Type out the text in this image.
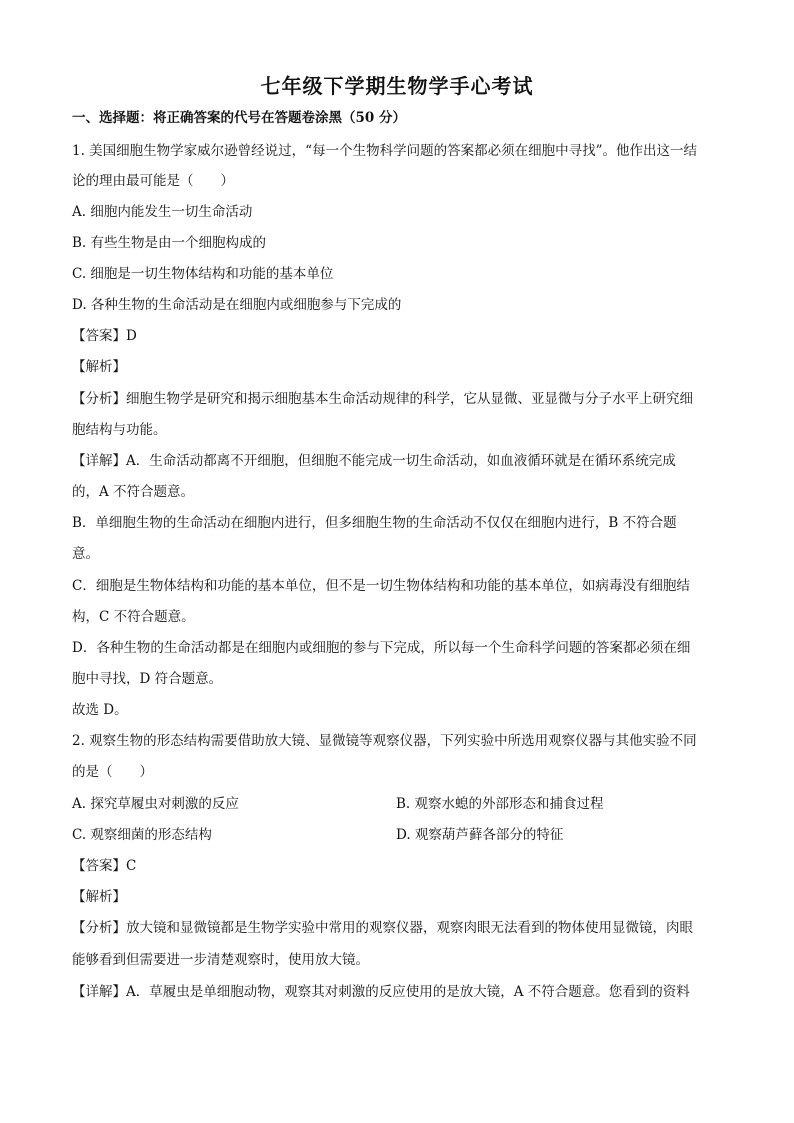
七年级下学期生物学手心考试
一、选择题：将正确答案的代号在答题卷涂黑（50 分）
1. 美国细胞生物学家威尔逊曾经说过，“每一个生物科学问题的答案都必须在细胞中寻找”。他作出这一结
论的理由最可能是（　　）
A. 细胞内能发生一切生命活动
B. 有些生物是由一个细胞构成的
C. 细胞是一切生物体结构和功能的基本单位
D. 各种生物的生命活动是在细胞内或细胞参与下完成的
【答案】D
【解析】
【分析】细胞生物学是研究和揭示细胞基本生命活动规律的科学，它从显微、亚显微与分子水平上研究细
胞结构与功能。
【详解】A．生命活动都离不开细胞，但细胞不能完成一切生命活动，如血液循环就是在循环系统完成
的，A 不符合题意。
B．单细胞生物的生命活动在细胞内进行，但多细胞生物的生命活动不仅仅在细胞内进行，B 不符合题
意。
C．细胞是生物体结构和功能的基本单位，但不是一切生物体结构和功能的基本单位，如病毒没有细胞结
构，C 不符合题意。
D．各种生物的生命活动都是在细胞内或细胞的参与下完成，所以每一个生命科学问题的答案都必须在细
胞中寻找，D 符合题意。
故选 D。
2. 观察生物的形态结构需要借助放大镜、显微镜等观察仪器，下列实验中所选用观察仪器与其他实验不同
的是（　　）
A. 探究草履虫对刺激的反应	B. 观察水螅的外部形态和捕食过程
C. 观察细菌的形态结构	D. 观察葫芦藓各部分的特征
【答案】C
【解析】
【分析】放大镜和显微镜都是生物学实验中常用的观察仪器，观察肉眼无法看到的物体使用显微镜，肉眼
能够看到但需要进一步清楚观察时，使用放大镜。
【详解】A．草履虫是单细胞动物，观察其对刺激的反应使用的是放大镜，A 不符合题意。您看到的资料
